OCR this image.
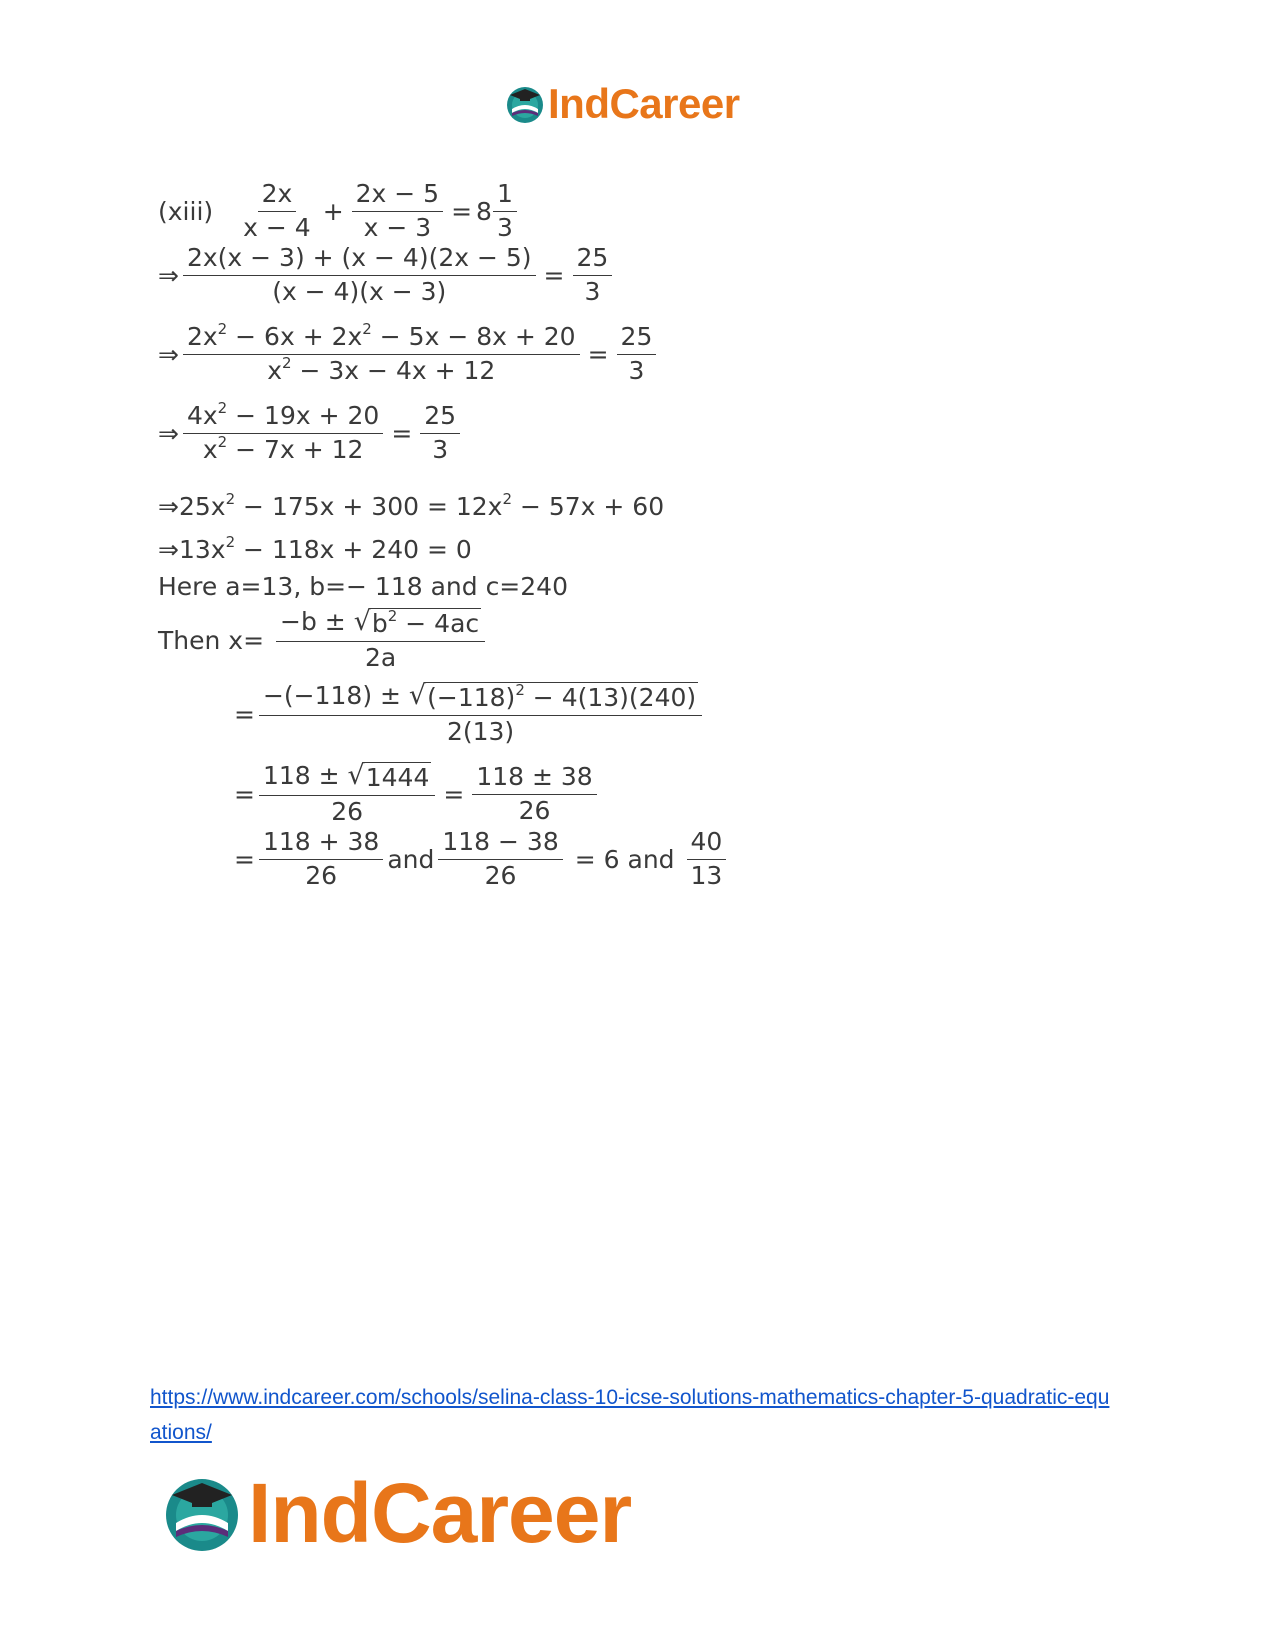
IndCareer
(xiii) $\frac{2x}{x - 4} + \frac{2x - 5}{x - 3} = 8 \frac{1}{3}$
⇒ $\frac{2x(x - 3) + (x - 4)(2x - 5)}{(x - 4)(x - 3)} = \frac{25}{3}$
⇒ $\frac{2x^2 - 6x + 2x^2 - 5x - 8x + 20}{x^2 - 3x - 4x + 12} = \frac{25}{3}$
⇒ $\frac{4x^2 - 19x + 20}{x^2 - 7x + 12} = \frac{25}{3}$
⇒ $25x^2 - 175x + 300 = 12x^2 - 57x + 60$
⇒ $13x^2 - 118x + 240 = 0$
Here a=13, b=− 118 and c=240
Then $x= \frac{-b \pm √ b^2 - 4ac}{2a}$
= $\frac{-(-118) \pm √ (-118)^2 - 4(13)(240)}{2(13)}$
= $\frac{118 \pm √ 1444}{26} = \frac{118 \pm 38}{26}$
= $\frac{118 + 38}{26}$ and $\frac{118 - 38}{26} = 6$ and $\frac{40}{13}$
https://www.indcareer.com/schools/selina-class-10-icse-solutions-mathematics-chapter-5-quadratic-equations/
IndCareer
